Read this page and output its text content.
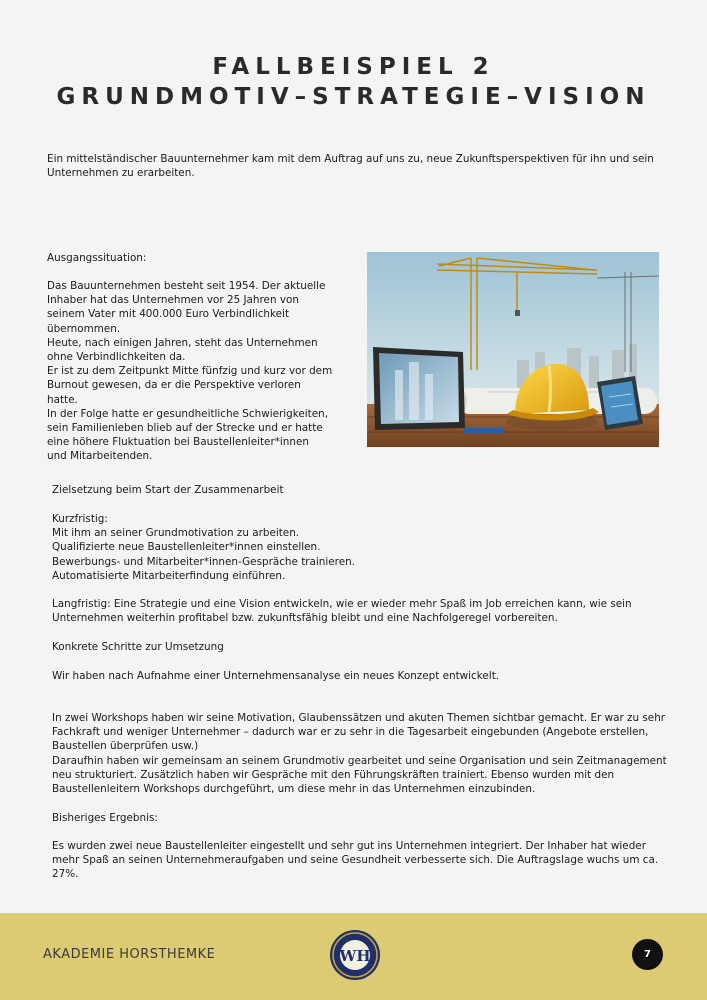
FALLBEISPIEL 2
GRUNDMOTIV–STRATEGIE–VISION

Ein mittelständischer Bauunternehmer kam mit dem Auftrag auf uns zu, neue Zukunftsperspektiven für ihn und sein Unternehmen zu erarbeiten.

Ausgangssituation:

Das Bauunternehmen besteht seit 1954. Der aktuelle
Inhaber hat das Unternehmen vor 25 Jahren von
seinem Vater mit 400.000 Euro Verbindlichkeit
übernommen.
Heute, nach einigen Jahren, steht das Unternehmen
ohne Verbindlichkeiten da.
Er ist zu dem Zeitpunkt Mitte fünfzig und kurz vor dem
Burnout gewesen, da er die Perspektive verloren
hatte.
In der Folge hatte er gesundheitliche Schwierigkeiten,
sein Familienleben blieb auf der Strecke und er hatte
eine höhere Fluktuation bei Baustellenleiter*innen
und Mitarbeitenden.

Zielsetzung beim Start der Zusammenarbeit

Kurzfristig:
Mit ihm an seiner Grundmotivation zu arbeiten.
Qualifizierte neue Baustellenleiter*innen einstellen.
Bewerbungs- und Mitarbeiter*innen-Gespräche trainieren.
Automatisierte Mitarbeiterfindung einführen.

Langfristig: Eine Strategie und eine Vision entwickeln, wie er wieder mehr Spaß im Job erreichen kann, wie sein Unternehmen weiterhin profitabel bzw. zukunftsfähig bleibt und eine Nachfolgeregel vorbereiten.

Konkrete Schritte zur Umsetzung

Wir haben nach Aufnahme einer Unternehmensanalyse ein neues Konzept entwickelt.

In zwei Workshops haben wir seine Motivation, Glaubenssätzen und akuten Themen sichtbar gemacht. Er war zu sehr Fachkraft und weniger Unternehmer – dadurch war er zu sehr in die Tagesarbeit eingebunden (Angebote erstellen, Baustellen überprüfen usw.)
Daraufhin haben wir gemeinsam an seinem Grundmotiv gearbeitet und seine Organisation und sein Zeitmanagement neu strukturiert. Zusätzlich haben wir Gespräche mit den Führungskräften trainiert. Ebenso wurden mit den Baustellenleitern Workshops durchgeführt, um diese mehr in das Unternehmen einzubinden.

Bisheriges Ergebnis:

Es wurden zwei neue Baustellenleiter eingestellt und sehr gut ins Unternehmen integriert. Der Inhaber hat wieder mehr Spaß an seinen Unternehmeraufgaben und seine Gesundheit verbesserte sich. Die Auftragslage wuchs um ca. 27%.

AKADEMIE HORSTHEMKE	WH	7
